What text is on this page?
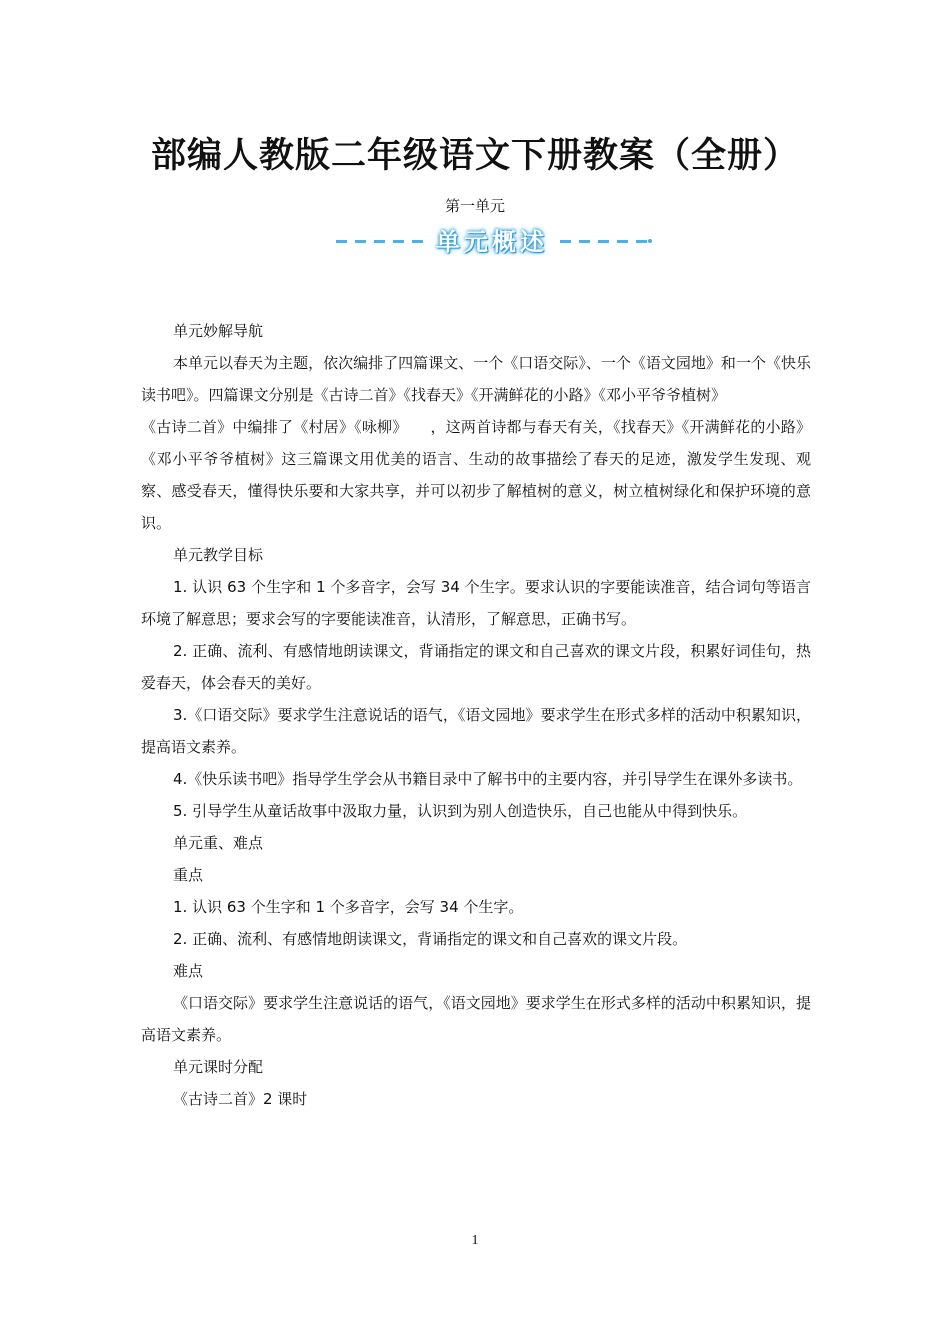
部编人教版二年级语文下册教案（全册）

第一单元

单元概述

单元妙解导航

本单元以春天为主题，依次编排了四篇课文、一个《口语交际》、一个《语文园地》和一个《快乐读书吧》。四篇课文分别是《古诗二首》《找春天》《开满鲜花的小路》《邓小平爷爷植树》

《古诗二首》中编排了《村居》《咏柳》　　，这两首诗都与春天有关，《找春天》《开满鲜花的小路》《邓小平爷爷植树》这三篇课文用优美的语言、生动的故事描绘了春天的足迹，激发学生发现、观察、感受春天，懂得快乐要和大家共享，并可以初步了解植树的意义，树立植树绿化和保护环境的意识。

单元教学目标

1. 认识 63 个生字和 1 个多音字，会写 34 个生字。要求认识的字要能读准音，结合词句等语言环境了解意思；要求会写的字要能读准音，认清形，了解意思，正确书写。

2. 正确、流利、有感情地朗读课文，背诵指定的课文和自己喜欢的课文片段，积累好词佳句，热爱春天，体会春天的美好。

3.《口语交际》要求学生注意说话的语气，《语文园地》要求学生在形式多样的活动中积累知识，提高语文素养。

4.《快乐读书吧》指导学生学会从书籍目录中了解书中的主要内容，并引导学生在课外多读书。

5. 引导学生从童话故事中汲取力量，认识到为别人创造快乐，自己也能从中得到快乐。

单元重、难点

重点

1. 认识 63 个生字和 1 个多音字，会写 34 个生字。

2. 正确、流利、有感情地朗读课文，背诵指定的课文和自己喜欢的课文片段。

难点

《口语交际》要求学生注意说话的语气，《语文园地》要求学生在形式多样的活动中积累知识，提高语文素养。

单元课时分配

《古诗二首》2 课时

1
